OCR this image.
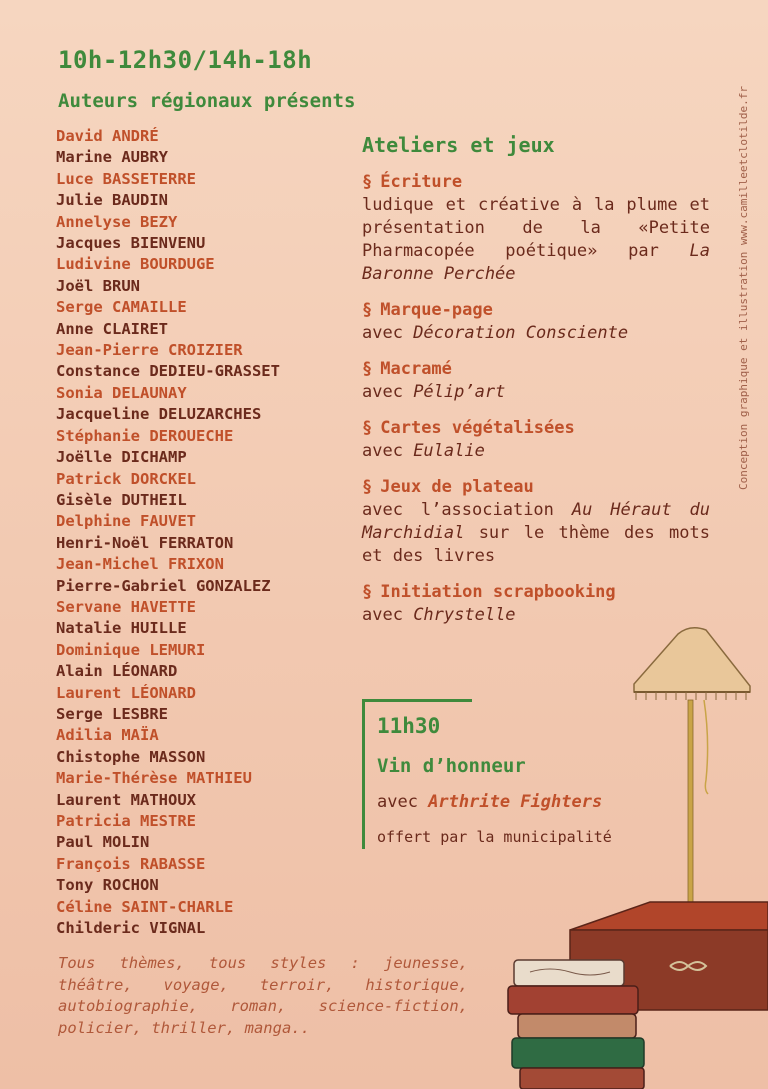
10h-12h30/14h-18h
Auteurs régionaux présents
David ANDRÉ
Marine AUBRY
Luce BASSETERRE
Julie BAUDIN
Annelyse BEZY
Jacques BIENVENU
Ludivine BOURDUGE
Joël BRUN
Serge CAMAILLE
Anne CLAIRET
Jean-Pierre CROIZIER
Constance DEDIEU-GRASSET
Sonia DELAUNAY
Jacqueline DELUZARCHES
Stéphanie DEROUECHE
Joëlle DICHAMP
Patrick DORCKEL
Gisèle DUTHEIL
Delphine FAUVET
Henri-Noël FERRATON
Jean-Michel FRIXON
Pierre-Gabriel GONZALEZ
Servane HAVETTE
Natalie HUILLE
Dominique LEMURI
Alain LÉONARD
Laurent LÉONARD
Serge LESBRE
Adilia MAÏA
Chistophe MASSON
Marie-Thérèse MATHIEU
Laurent MATHOUX
Patricia MESTRE
Paul MOLIN
François RABASSE
Tony ROCHON
Céline SAINT-CHARLE
Childeric VIGNAL
Tous thèmes, tous styles : jeunesse, théâtre, voyage, terroir, historique, autobiographie, roman, science-fiction, policier, thriller, manga..
Ateliers et jeux
§ Écriture
ludique et créative à la plume et présentation de la «Petite Pharmacopée poétique» par La Baronne Perchée
§ Marque-page
avec Décoration Consciente
§ Macramé
avec Pélip’art
§ Cartes végétalisées
avec Eulalie
§ Jeux de plateau
avec l’association Au Héraut du Marchidial sur le thème des mots et des livres
§ Initiation scrapbooking
avec Chrystelle
11h30
Vin d’honneur
avec Arthrite Fighters
offert par la municipalité
Conception graphique et illustration www.camilleetclotilde.fr
